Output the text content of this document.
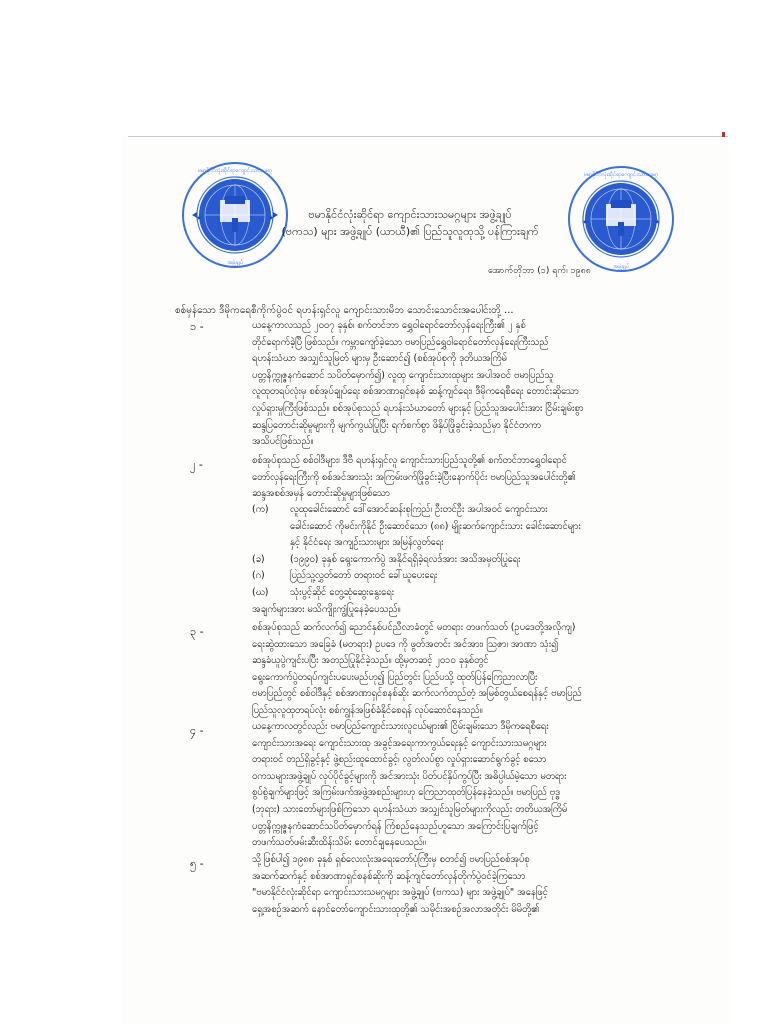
ဗမာနိုင်ငံလုံးဆိုင်ရာကျောင်းသားသမဂ္ဂ
အဖွဲ့ချုပ်
★	★
ဗမာနိုင်ငံလုံးဆိုင်ရာကျောင်းသားသမဂ္ဂ
အဖွဲ့ချုပ်
★	★
ဗမာနိုင်ငံလုံးဆိုင်ရာ ကျောင်းသားသမဂ္ဂများ အဖွဲ့ချုပ်
(ဗကသ) များ အဖွဲ့ချုပ် (ယာယီ)၏ ပြည်သူလူထုသို့ ပန်ကြားချက်
အောက်တိုဘာ (၁) ရက်၊ ၁၉၈၈
စစ်မှန်သော ဒီမိုကရေစီကိုက်ပွဲဝင် ရဟန်းရှင်လူ ကျောင်းသားမိဘ သောင်းသောင်းအပေါင်းတို့ ...
၁ -	ယနေ့ကာလသည် ၂၀၀၇ ခုနှစ်၊ စက်တင်ဘာ ရွှေဝါရောင်တော်လှန်ရေးကြီး၏ ၂ နှစ်
တိုင်ရောက်ခဲ့ပြီ ဖြစ်သည်။ ကမ္ဘာကျော်ခဲ့သော ဗမာပြည်ရွှေဝါရောင်တော်လှန်ရေးကြီးသည်
ရဟန်းသံဃာ အသျှင်သူမြတ် များမှ ဦးဆောင်၍ (စစ်အုပ်စုကို ဒုတိယအကြိမ်
ပတ္တနိက္ကုဇ္ဇနကံဆောင် သပိတ်မှောက်၍) လူထု ကျောင်းသားထုများ အပါအဝင် ဗမာပြည်သူ
လူထုတရပ်လုံးမှ စစ်အုပ်ချုပ်ရေး စစ်အာဏာရှင်စနစ် ဆန့်ကျင်ရေး၊ ဒီမိုကရေစီရေး တောင်းဆိုသော
လှုပ်ရှားမှုကြီးဖြစ်သည်။ စစ်အုပ်စုသည် ရဟန်းသံဃာတော် များနှင့် ပြည်သူအပေါင်းအား ငြိမ်းချမ်းစွာ
ဆန္ဒပြတောင်းဆိုမှုများကို မျက်ကွယ်ပြုပြီး ရက်စက်စွာ ဖိနှိပ်ဖြိုခွင်းခဲ့သည်မှာ နိုင်ငံတကာ
အသိပင်ဖြစ်သည်။
၂ -	စစ်အုပ်စုသည် စစ်ဝါဒီများ၊ ဒီဗီ ရဟန်းရှင်လူ ကျောင်းသားပြည်သူတို့၏ စက်တင်ဘာရွှေဝါရောင်
တော်လှန်ရေးကြီးကို စစ်အင်အားသုံး အကြမ်းဖက်ဖြိုခွင်းခဲ့ပြီးနောက်ပိုင်း ဗမာပြည်သူအပေါင်းတို့၏
ဆန္ဒအစစ်အမှန် တောင်းဆိုမှုများဖြစ်သော
(က) လူထုခေါင်းဆောင် ဒေါ်အောင်ဆန်းစုကြည်၊ ဦးတင်ဦး အပါအဝင် ကျောင်းသား
ခေါင်းဆောင် ကိုမင်းကိုနိုင် ဦးဆောင်သော (၈၈) မျိုးဆက်ကျောင်းသား ခေါင်းဆောင်များ
နှင့် နိုင်ငံရေး အကျဉ်းသားများ အမြန်လွတ်ရေး
(ခ)	(၁၉၉၀) ခုနှစ် ရွေးကောက်ပွဲ အနိုင်ရရှိခဲ့ရလဒ်အား အသိအမှတ်ပြုရေး
(ဂ)	ပြည်သူ့လွှတ်တော် တရားဝင် ခေါ်ယူပေးရေး
(ဃ) သုံးပွင့်ဆိုင် တွေ့ဆုံဆွေးနွေးရေး
အချက်များအား မသိကျိုးကျွံပြုနေခဲ့ပေသည်။
၃ -	စစ်အုပ်စုသည် ဆက်လက်၍ ညောင်နှစ်ပင်ညီလာခံတွင် မတရား တဖက်သတ် (ဥပဒေတို့အလိုကျ)
ရေးဆွဲထားသော အခြေခံ (မတရား) ဥပဒေ ကို ဖွတ်အတင်း အင်အား၊ ဩဇာ၊ အာဏာ သုံး၍
ဆန္ဒခံယူပွဲကျင်းပပြီး အတည်ပြုနိုင်ခဲ့သည်။ ထို့မှတဆင့် ၂၀၁၀ ခုနှစ်တွင်
ရွေးကောက်ပွဲတရပ်ကျင်းပပေးမည်ဟု၍ ပြည်တွင်း ပြည်ပသို့ ထုတ်ပြန်ကြေညာလာပြီး
ဗမာပြည်တွင် စစ်ဝါဒီနှင့် စစ်အာဏာရှင်စနစ်ဆိုး ဆက်လက်တည်တံ့ အမြစ်တွယ်စေရန်နှင့် ဗမာပြည်
ပြည်သူလူထုတရပ်လုံး စစ်ကျွန်အဖြစ်ခံနိုင်စေရန် လုပ်ဆောင်နေသည်။
၄ -	ယနေ့ကာလတွင်လည်း ဗမာပြည်ကျောင်းသားလူငယ်များ၏ ငြိမ်းချမ်းသော ဒီမိုကရေစီရေး
ကျောင်းသားအရေး ကျောင်းသားထု အခွင့်အရေးကာကွယ်ရေးနှင့် ကျောင်းသားသမဂ္ဂများ
တရားဝင် တည်ရှိခွင့်နှင့် ဖွဲ့စည်းထူထောင်ခွင့်၊ လွတ်လပ်စွာ လှုပ်ရှားဆောင်ရွက်ခွင့် စသော
ဝကသများအဖွဲ့ချုပ် လုပ်ပိုင်ခွင့်များကို အင်အားသုံး ပိတ်ပင်နှိပ်ကွပ်ပြီး အဓိပ္ပါယ်မဲ့သော မတရား
စွပ်စွဲချက်များဖြင့် အကြမ်းဖက်အဖွဲ့အစည်းများဟု ကြေညာထုတ်ပြန်နေခဲ့သည်။ ဗမာပြည် ဗုဒ္ဓ
(ဘုရား) သားတော်များဖြစ်ကြသော ရဟန်းသံဃာ အသျှင်သူမြတ်များကိုလည်း တတိယအကြိမ်
ပတ္တနိက္ကုဇ္ဇနကံဆောင်သပိတ်မှောက်ရန် ကြံစည်နေသည်ဟူသော အကြောင်းပြချက်ဖြင့်
တဖက်သတ်ဖမ်းဆီးထိန်းသိမ်း တောင်ချနေပေသည်။
၅ -	သို့ဖြစ်ပါ၍ ၁၉၈၈ ခုနှစ် ရှစ်လေးလုံးအရေးတော်ပုံကြီးမှ စတင်၍ ဗမာပြည်စစ်အုပ်စု
အဆက်ဆက်နှင့် စစ်အာဏာရှင်စနစ်ဆိုးကို ဆန့်ကျင်တော်လှန်တိုက်ပွဲဝင်ခဲ့ကြသော
"ဗမာနိုင်ငံလုံးဆိုင်ရာ ကျောင်းသားသမဂ္ဂများ အဖွဲ့ချုပ် (ဗကသ) များ အဖွဲ့ချုပ်" အနေဖြင့်
ရှေ့အစဉ်အဆက် နောင်တော်ကျောင်းသားထုတို့၏ သမိုင်းအစဉ်အလာအတိုင်း မိမိတို့၏
